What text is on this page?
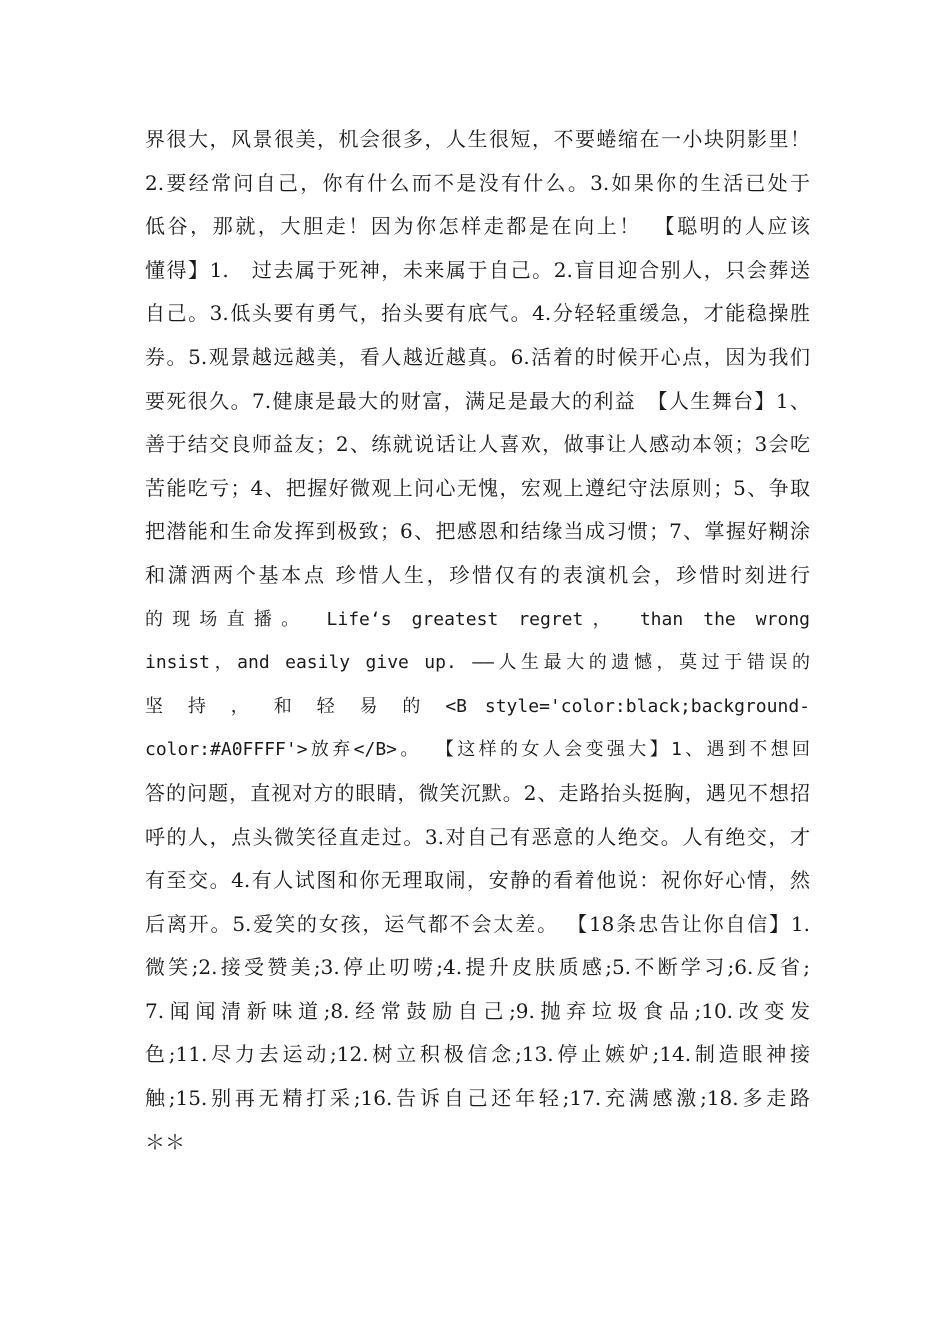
界很大，风景很美，机会很多，人生很短，不要蜷缩在一小块阴影里！
2.要经常问自己，你有什么而不是没有什么。3.如果你的生活已处于
低谷，那就，大胆走！因为你怎样走都是在向上！　【聪明的人应该
懂得】1.　过去属于死神，未来属于自己。2.盲目迎合别人，只会葬送
自己。3.低头要有勇气，抬头要有底气。4.分轻轻重缓急，才能稳操胜
券。5.观景越远越美，看人越近越真。6.活着的时候开心点，因为我们
要死很久。7.健康是最大的财富，满足是最大的利益　【人生舞台】1、
善于结交良师益友；2、练就说话让人喜欢，做事让人感动本领；3会吃
苦能吃亏；4、把握好微观上问心无愧，宏观上遵纪守法原则；5、争取
把潜能和生命发挥到极致；6、把感恩和结缘当成习惯；7、掌握好糊涂
和潇洒两个基本点 珍惜人生，珍惜仅有的表演机会，珍惜时刻进行
的现场直播。　Life‘s greatest regret， than the wrong
insist，and easily give up. ——人生最大的遗憾，莫过于错误的
坚 持 ， 和 轻 易 的 <B style='color:black;background-
color:#A0FFFF'>放弃</B>。 【这样的女人会变强大】1、遇到不想回
答的问题，直视对方的眼睛，微笑沉默。2、走路抬头挺胸，遇见不想招
呼的人，点头微笑径直走过。3.对自己有恶意的人绝交。人有绝交，才
有至交。4.有人试图和你无理取闹，安静的看着他说：祝你好心情，然
后离开。5.爱笑的女孩，运气都不会太差。 【18条忠告让你自信】1.
微笑;2.接受赞美;3.停止叨唠;4.提升皮肤质感;5.不断学习;6.反省;
7.闻闻清新味道;8.经常鼓励自己;9.抛弃垃圾食品;10.改变发
色;11.尽力去运动;12.树立积极信念;13.停止嫉妒;14.制造眼神接
触;15.别再无精打采;16.告诉自己还年轻;17.充满感激;18.多走路
＊＊
